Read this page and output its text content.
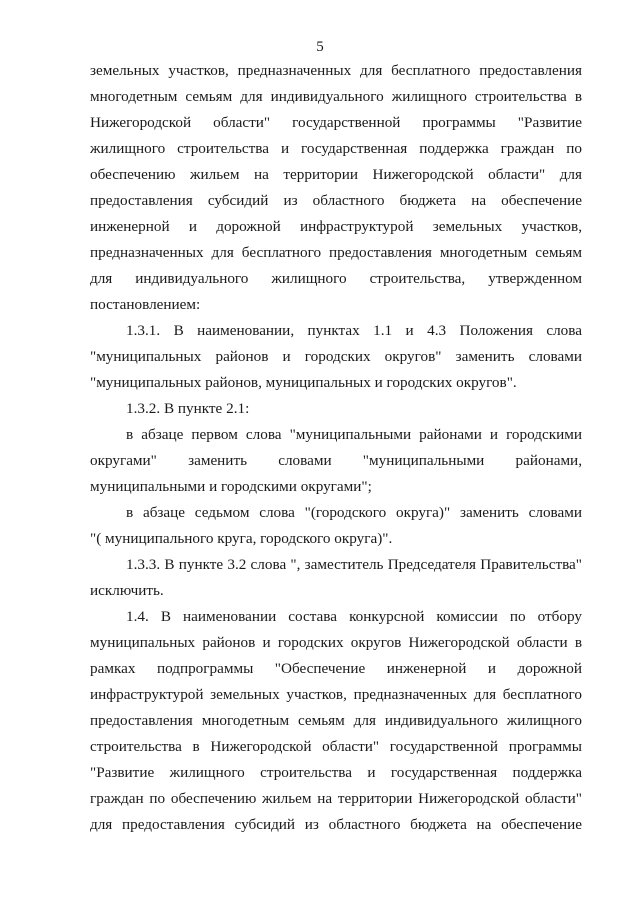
5
земельных участков, предназначенных для бесплатного предоставления
многодетным семьям для индивидуального жилищного строительства в
Нижегородской области" государственной программы "Развитие
жилищного строительства и государственная поддержка граждан по
обеспечению жильем на территории Нижегородской области" для
предоставления субсидий из областного бюджета на обеспечение
инженерной и дорожной инфраструктурой земельных участков,
предназначенных для бесплатного предоставления многодетным семьям
для индивидуального жилищного строительства, утвержденном
постановлением:
1.3.1. В наименовании, пунктах 1.1 и 4.3 Положения слова
"муниципальных районов и городских округов" заменить словами
"муниципальных районов, муниципальных и городских округов".
1.3.2. В пункте 2.1:
в абзаце первом слова "муниципальными районами и городскими
округами" заменить словами "муниципальными районами,
муниципальными и городскими округами";
в абзаце седьмом слова "(городского округа)" заменить словами
"( муниципального круга, городского округа)".
1.3.3. В пункте 3.2 слова ", заместитель Председателя Правительства"
исключить.
1.4. В наименовании состава конкурсной комиссии по отбору
муниципальных районов и городских округов Нижегородской области в
рамках подпрограммы "Обеспечение инженерной и дорожной
инфраструктурой земельных участков, предназначенных для бесплатного
предоставления многодетным семьям для индивидуального жилищного
строительства в Нижегородской области" государственной программы
"Развитие жилищного строительства и государственная поддержка
граждан по обеспечению жильем на территории Нижегородской области"
для предоставления субсидий из областного бюджета на обеспечение
